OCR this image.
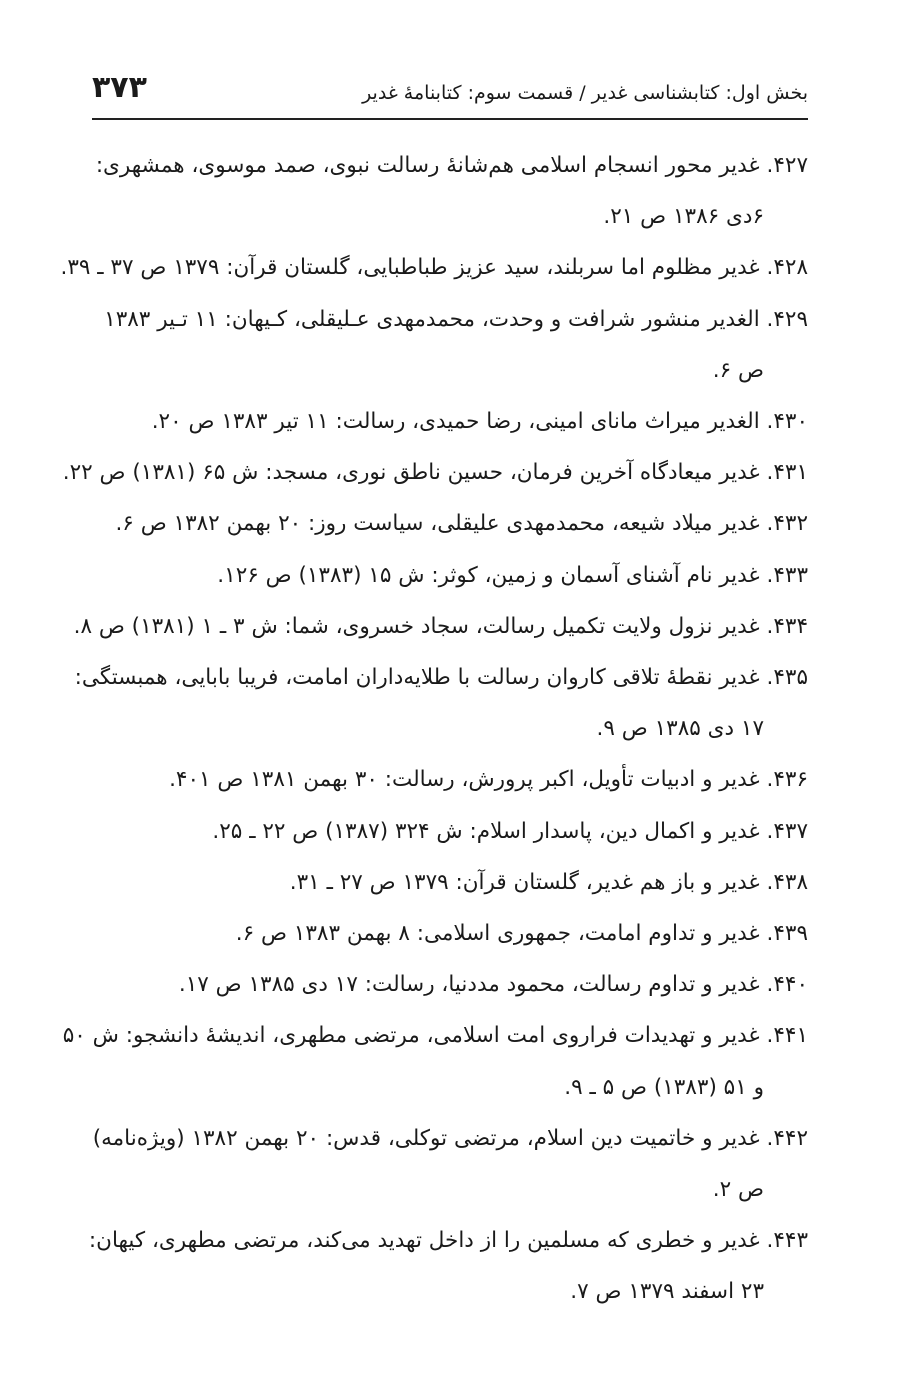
بخش اول: کتابشناسی غدیر / قسمت سوم: کتابنامهٔ غدیر
۳۷۳
۴۲۷. غدیر محور انسجام اسلامی هم‌شانهٔ رسالت نبوی، صمد موسوی، همشهری:
۶دی ۱۳۸۶ ص ۲۱.
۴۲۸. غدیر مظلوم اما سربلند، سید عزیز طباطبایی، گلستان قرآن: ۱۳۷۹ ص ۳۷ ـ ۳۹.
۴۲۹. الغدیر منشور شرافت و وحدت، محمدمهدی عـلیقلی، کـیهان: ۱۱ تـیر ۱۳۸۳
ص ۶.
۴۳۰. الغدیر میراث مانای امینی، رضا حمیدی، رسالت: ۱۱ تیر ۱۳۸۳ ص ۲۰.
۴۳۱. غدیر میعادگاه آخرین فرمان، حسین ناطق نوری، مسجد: ش ۶۵ (۱۳۸۱) ص ۲۲.
۴۳۲. غدیر میلاد شیعه، محمدمهدی علیقلی، سیاست روز: ۲۰ بهمن ۱۳۸۲ ص ۶.
۴۳۳. غدیر نام آشنای آسمان و زمین، کوثر: ش ۱۵ (۱۳۸۳) ص ۱۲۶.
۴۳۴. غدیر نزول ولایت تکمیل رسالت، سجاد خسروی، شما: ش ۳ ـ ۱ (۱۳۸۱) ص ۸.
۴۳۵. غدیر نقطهٔ تلاقی کاروان رسالت با طلایه‌داران امامت، فریبا بابایی، همبستگی:
۱۷ دی ۱۳۸۵ ص ۹.
۴۳۶. غدیر و ادبیات تأویل، اکبر پرورش، رسالت: ۳۰ بهمن ۱۳۸۱ ص ۴۰۱.
۴۳۷. غدیر و اکمال دین، پاسدار اسلام: ش ۳۲۴ (۱۳۸۷) ص ۲۲ ـ ۲۵.
۴۳۸. غدیر و باز هم غدیر، گلستان قرآن: ۱۳۷۹ ص ۲۷ ـ ۳۱.
۴۳۹. غدیر و تداوم امامت، جمهوری اسلامی: ۸ بهمن ۱۳۸۳ ص ۶.
۴۴۰. غدیر و تداوم رسالت، محمود مددنیا، رسالت: ۱۷ دی ۱۳۸۵ ص ۱۷.
۴۴۱. غدیر و تهدیدات فراروی امت اسلامی، مرتضی مطهری، اندیشهٔ دانشجو: ش ۵۰
و ۵۱ (۱۳۸۳) ص ۵ ـ ۹.
۴۴۲. غدیر و خاتمیت دین اسلام، مرتضی توکلی، قدس: ۲۰ بهمن ۱۳۸۲ (ویژه‌نامه)
ص ۲.
۴۴۳. غدیر و خطری که مسلمین را از داخل تهدید می‌کند، مرتضی مطهری، کیهان:
۲۳ اسفند ۱۳۷۹ ص ۷.
